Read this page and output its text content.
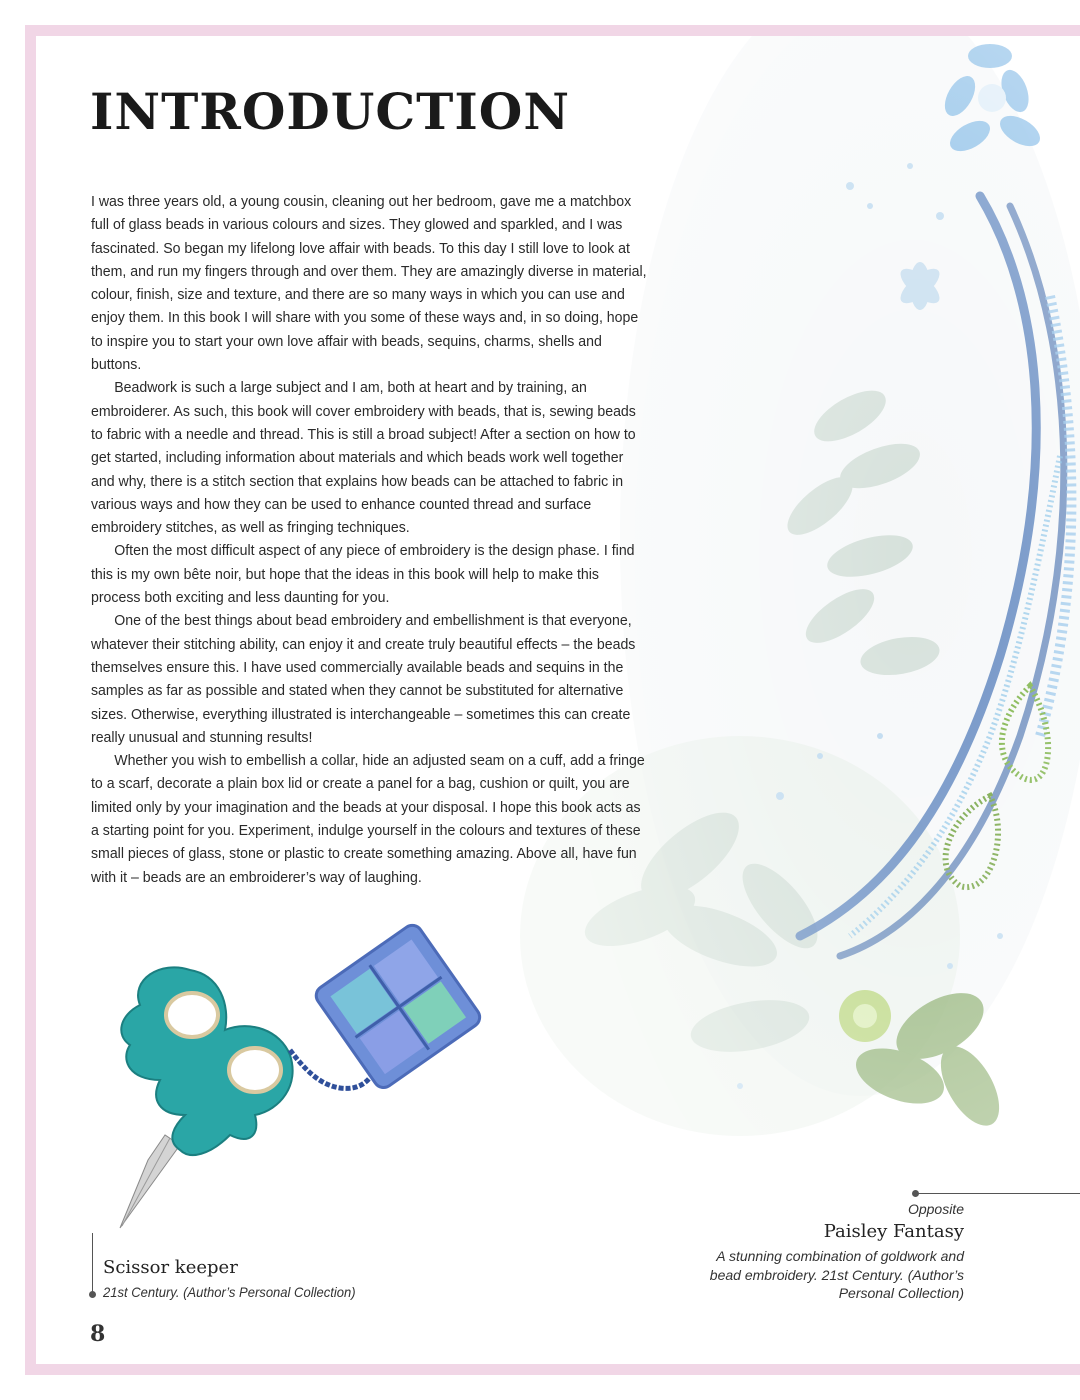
INTRODUCTION

I was three years old, a young cousin, cleaning out her bedroom, gave me a matchbox full of glass beads in various colours and sizes. They glowed and sparkled, and I was fascinated. So began my lifelong love affair with beads. To this day I still love to look at them, and run my fingers through and over them. They are amazingly diverse in material, colour, finish, size and texture, and there are so many ways in which you can use and enjoy them. In this book I will share with you some of these ways and, in so doing, hope to inspire you to start your own love affair with beads, sequins, charms, shells and buttons.

Beadwork is such a large subject and I am, both at heart and by training, an embroiderer. As such, this book will cover embroidery with beads, that is, sewing beads to fabric with a needle and thread. This is still a broad subject! After a section on how to get started, including information about materials and which beads work well together and why, there is a stitch section that explains how beads can be attached to fabric in various ways and how they can be used to enhance counted thread and surface embroidery stitches, as well as fringing techniques.

Often the most difficult aspect of any piece of embroidery is the design phase. I find this is my own bête noir, but hope that the ideas in this book will help to make this process both exciting and less daunting for you.

One of the best things about bead embroidery and embellishment is that everyone, whatever their stitching ability, can enjoy it and create truly beautiful effects – the beads themselves ensure this. I have used commercially available beads and sequins in the samples as far as possible and stated when they cannot be substituted for alternative sizes. Otherwise, everything illustrated is interchangeable – sometimes this can create really unusual and stunning results!

Whether you wish to embellish a collar, hide an adjusted seam on a cuff, add a fringe to a scarf, decorate a plain box lid or create a panel for a bag, cushion or quilt, you are limited only by your imagination and the beads at your disposal. I hope this book acts as a starting point for you. Experiment, indulge yourself in the colours and textures of these small pieces of glass, stone or plastic to create something amazing. Above all, have fun with it – beads are an embroiderer’s way of laughing.

Scissor keeper
21st Century. (Author’s Personal Collection)
Opposite
Paisley Fantasy
A stunning combination of goldwork and bead embroidery. 21st Century. (Author’s Personal Collection)
8
